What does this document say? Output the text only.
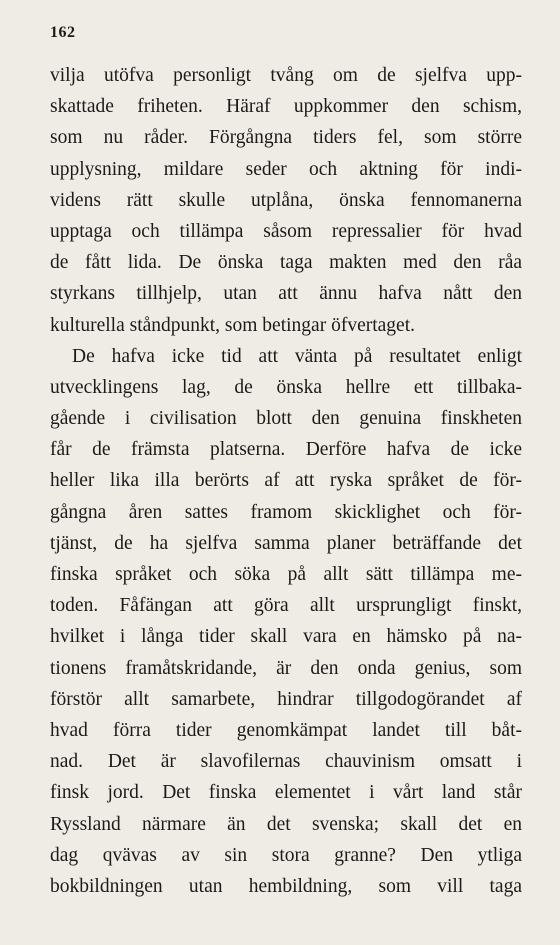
162
vilja utöfva personligt tvång om de sjelfva upp-
skattade friheten. Häraf uppkommer den schism,
som nu råder. Förgångna tiders fel, som större
upplysning, mildare seder och aktning för indi-
videns rätt skulle utplåna, önska fennomanerna
upptaga och tillämpa såsom repressalier för hvad
de fått lida. De önska taga makten med den råa
styrkans tillhjelp, utan att ännu hafva nått den
kulturella ståndpunkt, som betingar öfvertaget.
De hafva icke tid att vänta på resultatet enligt
utvecklingens lag, de önska hellre ett tillbaka-
gående i civilisation blott den genuina finskheten
får de främsta platserna. Derföre hafva de icke
heller lika illa berörts af att ryska språket de för-
gångna åren sattes framom skicklighet och för-
tjänst, de ha sjelfva samma planer beträffande det
finska språket och söka på allt sätt tillämpa me-
toden. Fåfängan att göra allt ursprungligt finskt,
hvilket i långa tider skall vara en hämsko på na-
tionens framåtskridande, är den onda genius, som
förstör allt samarbete, hindrar tillgodogörandet af
hvad förra tider genomkämpat landet till båt-
nad. Det är slavofilernas chauvinism omsatt i
finsk jord. Det finska elementet i vårt land står
Ryssland närmare än det svenska; skall det en
dag qvävas av sin stora granne? Den ytliga
bokbildningen utan hembildning, som vill taga
